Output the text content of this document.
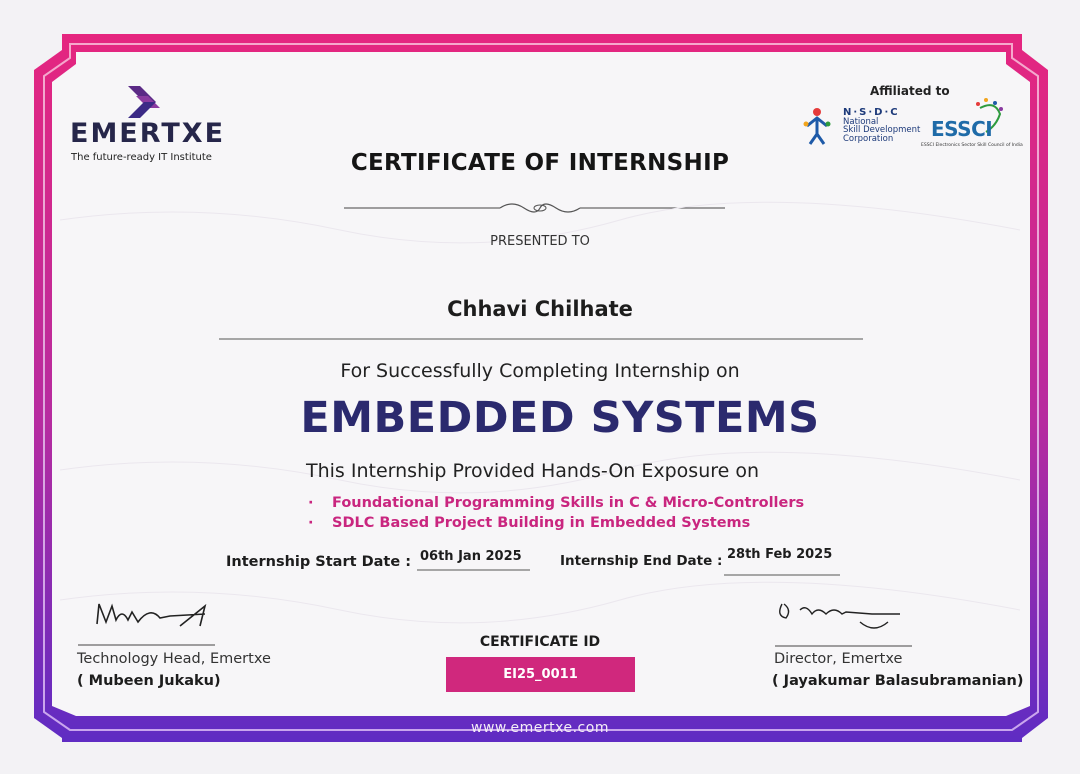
EMERTXE
The future-ready IT Institute
Affiliated to
N·S·D·C
National
Skill Development
Corporation	ESSCI
ESSCI Electronics Sector Skill Council of India
CERTIFICATE OF INTERNSHIP
PRESENTED TO
Chhavi Chilhate
For Successfully Completing Internship on
EMBEDDED SYSTEMS
This Internship Provided Hands-On Exposure on
· Foundational Programming Skills in C & Micro-Controllers
· SDLC Based Project Building in Embedded Systems
Internship Start Date : 06th Jan 2025	Internship End Date : 28th Feb 2025
Technology Head, Emertxe
( Mubeen Jukaku)
CERTIFICATE ID
EI25_0011
Director, Emertxe
( Jayakumar Balasubramanian)
www.emertxe.com
